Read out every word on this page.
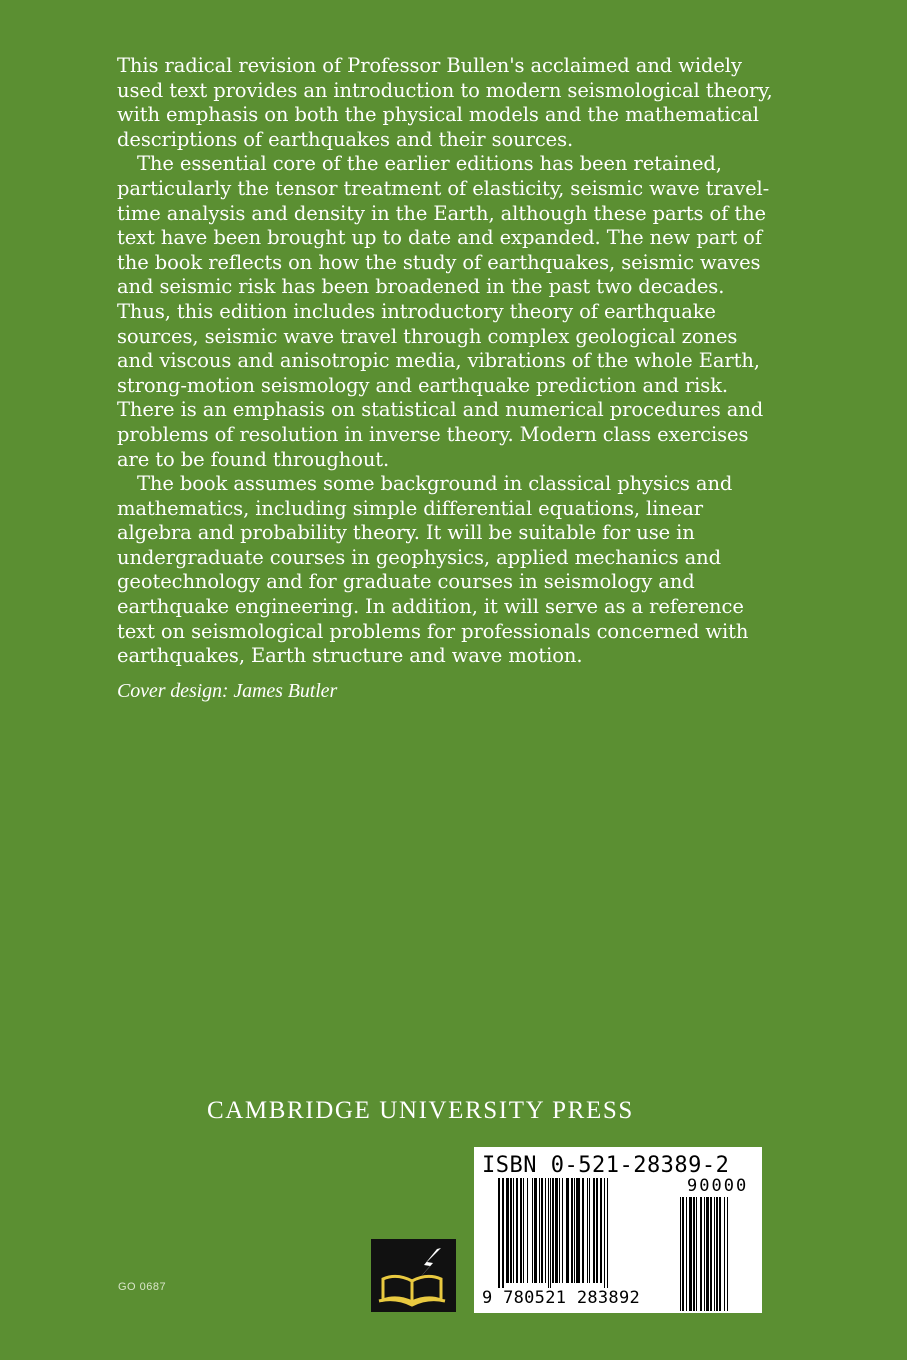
This radical revision of Professor Bullen's acclaimed and widely used text provides an introduction to modern seismological theory, with emphasis on both the physical models and the mathematical descriptions of earthquakes and their sources.

The essential core of the earlier editions has been retained, particularly the tensor treatment of elasticity, seismic wave travel-time analysis and density in the Earth, although these parts of the text have been brought up to date and expanded. The new part of the book reflects on how the study of earthquakes, seismic waves and seismic risk has been broadened in the past two decades. Thus, this edition includes introductory theory of earthquake sources, seismic wave travel through complex geological zones and viscous and anisotropic media, vibrations of the whole Earth, strong-motion seismology and earthquake prediction and risk. There is an emphasis on statistical and numerical procedures and problems of resolution in inverse theory. Modern class exercises are to be found throughout.

The book assumes some background in classical physics and mathematics, including simple differential equations, linear algebra and probability theory. It will be suitable for use in undergraduate courses in geophysics, applied mechanics and geotechnology and for graduate courses in seismology and earthquake engineering. In addition, it will serve as a reference text on seismological problems for professionals concerned with earthquakes, Earth structure and wave motion.

Cover design: James Butler

CAMBRIDGE UNIVERSITY PRESS
GO 0687
ISBN 0-521-28389-2
9 780521 283892
90000
